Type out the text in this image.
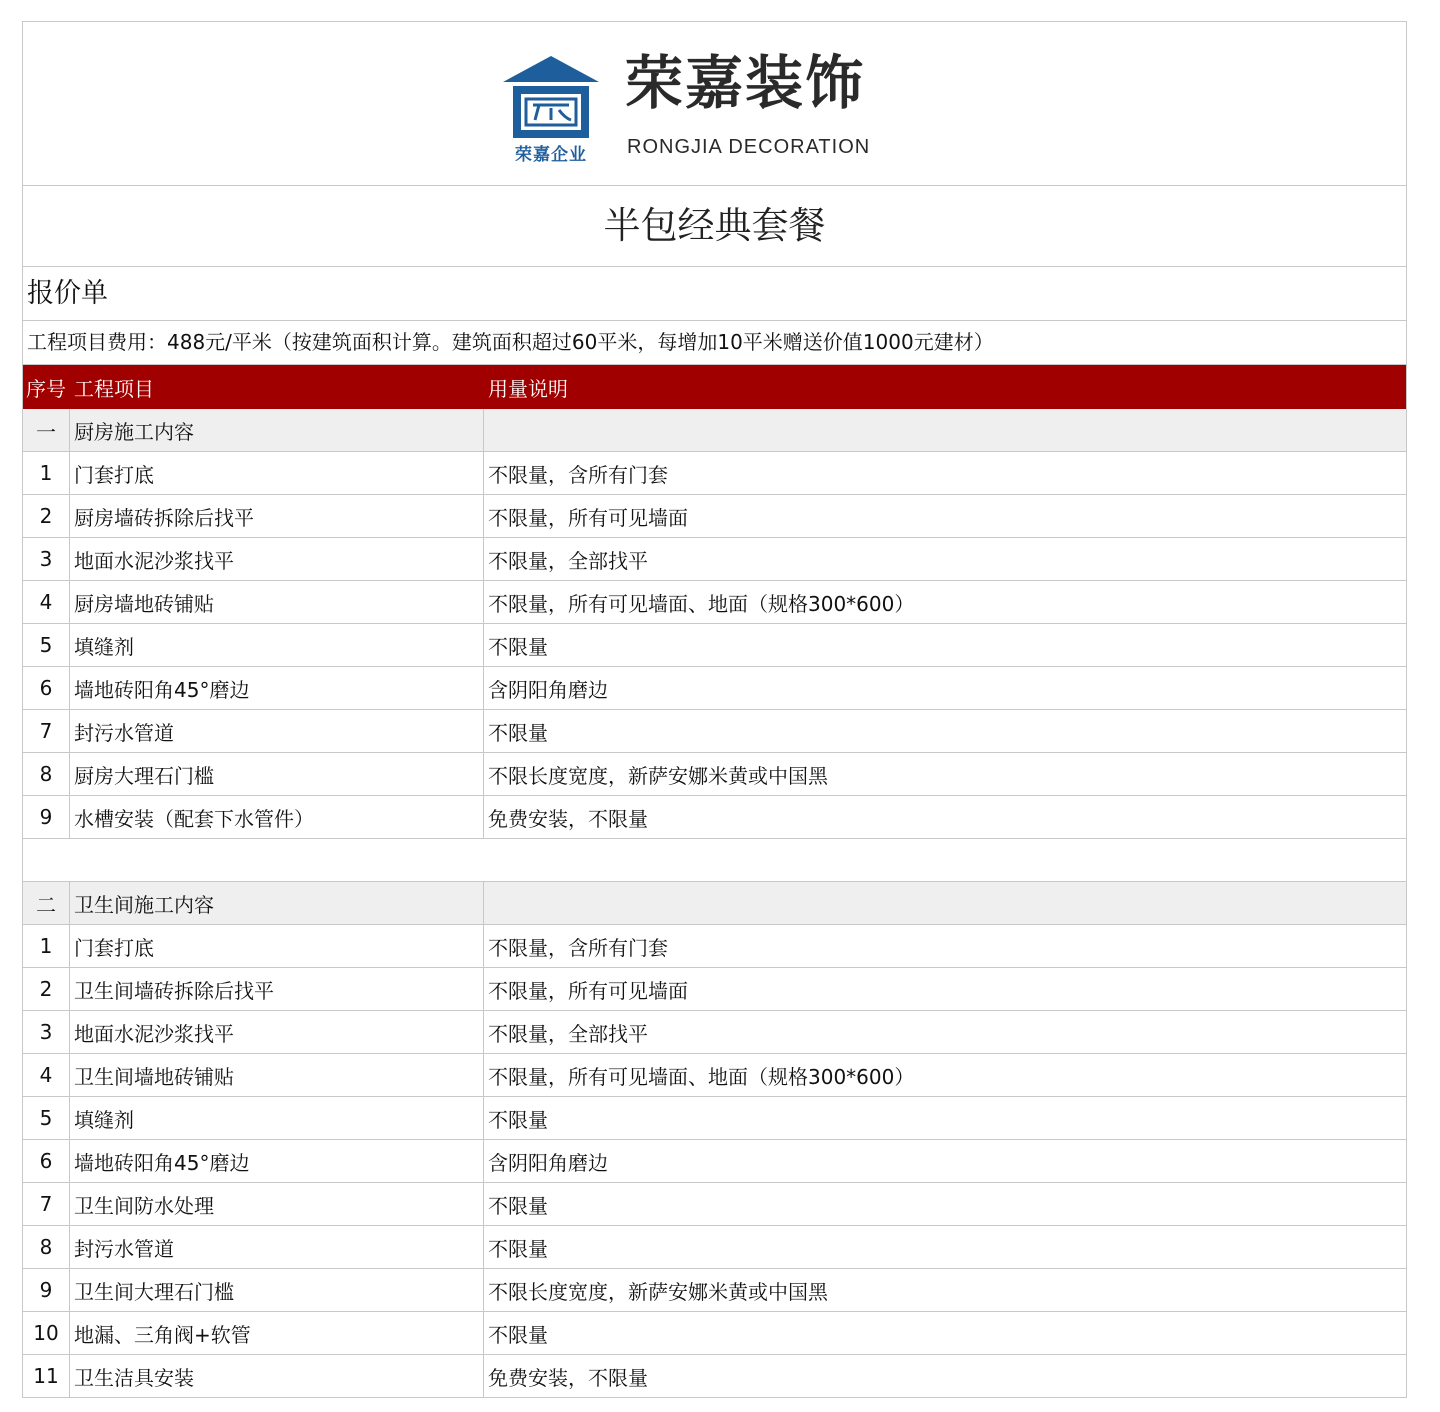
荣嘉企业
荣嘉装饰
RONGJIA DECORATION
半包经典套餐
报价单
工程项目费用：488元/平米（按建筑面积计算。建筑面积超过60平米，每增加10平米赠送价值1000元建材）
序号	工程项目	用量说明
一	厨房施工内容	
1	门套打底	不限量，含所有门套
2	厨房墙砖拆除后找平	不限量，所有可见墙面
3	地面水泥沙浆找平	不限量，全部找平
4	厨房墙地砖铺贴	不限量，所有可见墙面、地面（规格300*600）
5	填缝剂	不限量
6	墙地砖阳角45°磨边	含阴阳角磨边
7	封污水管道	不限量
8	厨房大理石门槛	不限长度宽度，新萨安娜米黄或中国黑
9	水槽安装（配套下水管件）	免费安装，不限量

二	卫生间施工内容	
1	门套打底	不限量，含所有门套
2	卫生间墙砖拆除后找平	不限量，所有可见墙面
3	地面水泥沙浆找平	不限量，全部找平
4	卫生间墙地砖铺贴	不限量，所有可见墙面、地面（规格300*600）
5	填缝剂	不限量
6	墙地砖阳角45°磨边	含阴阳角磨边
7	卫生间防水处理	不限量
8	封污水管道	不限量
9	卫生间大理石门槛	不限长度宽度，新萨安娜米黄或中国黑
10	地漏、三角阀+软管	不限量
11	卫生洁具安装	免费安装，不限量
